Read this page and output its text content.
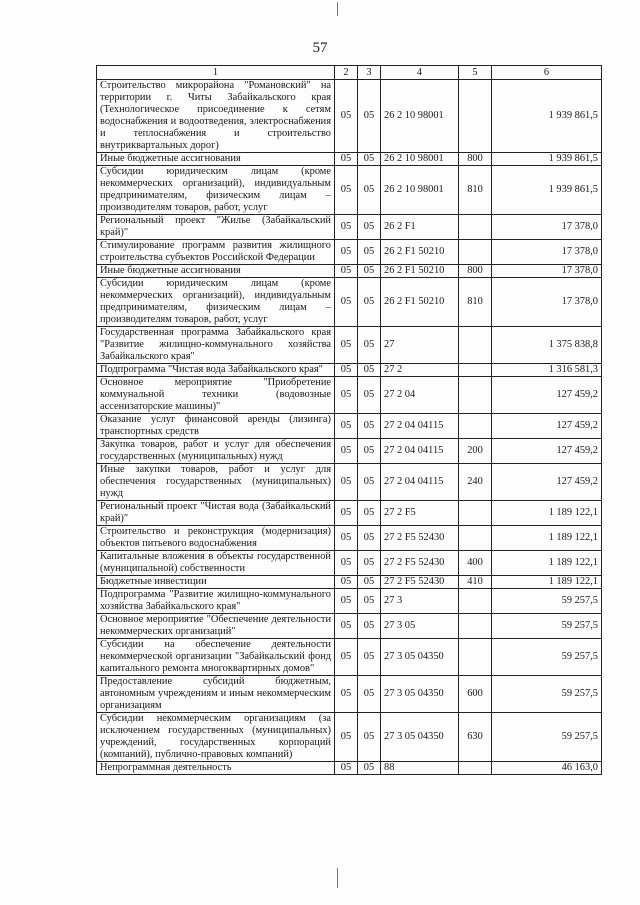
57
1	2	3	4	5	6
Строительство микрорайона "Романовский" на территории г. Читы Забайкальского края (Технологическое присоединение к сетям водоснабжения и водоотведения, электроснабжения и теплоснабжения и строительство внутриквартальных дорог)	05	05	26 2 10 98001		1 939 861,5
Иные бюджетные ассигнования	05	05	26 2 10 98001	800	1 939 861,5
Субсидии юридическим лицам (кроме некоммерческих организаций), индивидуальным предпринимателям, физическим лицам – производителям товаров, работ, услуг	05	05	26 2 10 98001	810	1 939 861,5
Региональный проект "Жилье (Забайкальский край)"	05	05	26 2 F1		17 378,0
Стимулирование программ развития жилищного строительства субъектов Российской Федерации	05	05	26 2 F1 50210		17 378,0
Иные бюджетные ассигнования	05	05	26 2 F1 50210	800	17 378,0
Субсидии юридическим лицам (кроме некоммерческих организаций), индивидуальным предпринимателям, физическим лицам – производителям товаров, работ, услуг	05	05	26 2 F1 50210	810	17 378,0
Государственная программа Забайкальского края "Развитие жилищно-коммунального хозяйства Забайкальского края"	05	05	27		1 375 838,8
Подпрограмма "Чистая вода Забайкальского края"	05	05	27 2		1 316 581,3
Основное мероприятие "Приобретение коммунальной техники (водовозные ассенизаторские машины)"	05	05	27 2 04		127 459,2
Оказание услуг финансовой аренды (лизинга) транспортных средств	05	05	27 2 04 04115		127 459,2
Закупка товаров, работ и услуг для обеспечения государственных (муниципальных) нужд	05	05	27 2 04 04115	200	127 459,2
Иные закупки товаров, работ и услуг для обеспечения государственных (муниципальных) нужд	05	05	27 2 04 04115	240	127 459,2
Региональный проект "Чистая вода (Забайкальский край)"	05	05	27 2 F5		1 189 122,1
Строительство и реконструкция (модернизация) объектов питьевого водоснабжения	05	05	27 2 F5 52430		1 189 122,1
Капитальные вложения в объекты государственной (муниципальной) собственности	05	05	27 2 F5 52430	400	1 189 122,1
Бюджетные инвестиции	05	05	27 2 F5 52430	410	1 189 122,1
Подпрограмма "Развитие жилищно-коммунального хозяйства Забайкальского края"	05	05	27 3		59 257,5
Основное мероприятие "Обеспечение деятельности некоммерческих организаций"	05	05	27 3 05		59 257,5
Субсидии на обеспечение деятельности некоммерческой организации "Забайкальский фонд капитального ремонта многоквартирных домов"	05	05	27 3 05 04350		59 257,5
Предоставление субсидий бюджетным, автономным учреждениям и иным некоммерческим организациям	05	05	27 3 05 04350	600	59 257,5
Субсидии некоммерческим организациям (за исключением государственных (муниципальных) учреждений, государственных корпораций (компаний), публично-правовых компаний)	05	05	27 3 05 04350	630	59 257,5
Непрограммная деятельность	05	05	88		46 163,0
